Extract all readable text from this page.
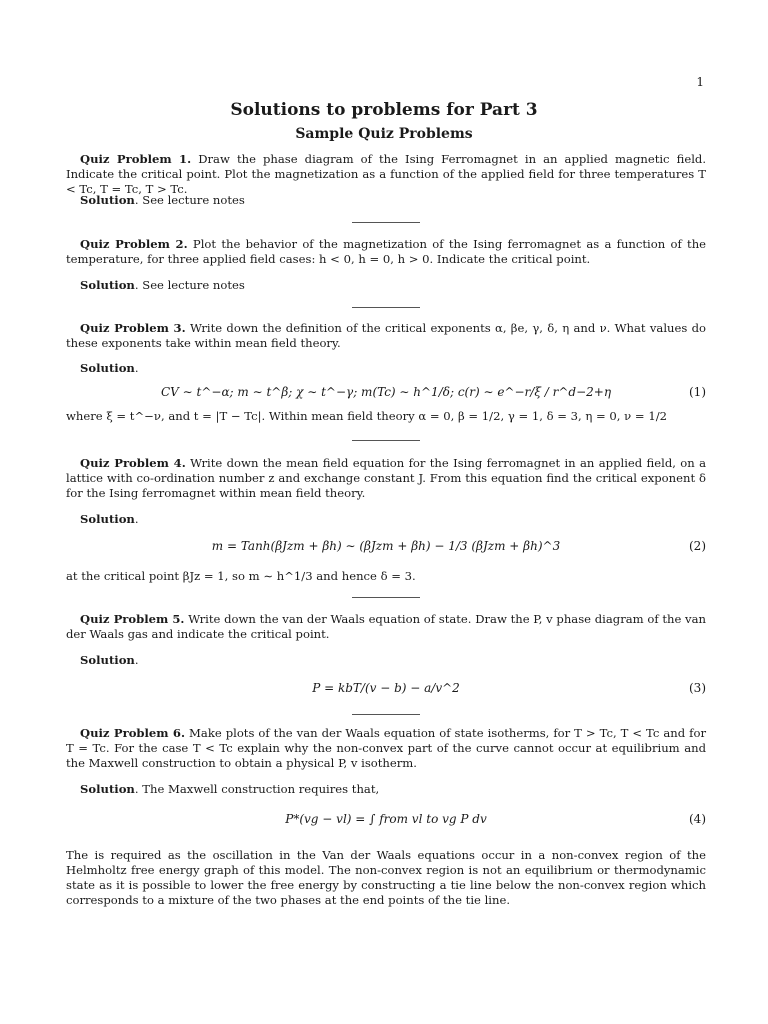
1
Solutions to problems for Part 3
Sample Quiz Problems
Quiz Problem 1. Draw the phase diagram of the Ising Ferromagnet in an applied magnetic field. Indicate the critical point. Plot the magnetization as a function of the applied field for three temperatures T < Tc, T = Tc, T > Tc.
Solution. See lecture notes
Quiz Problem 2. Plot the behavior of the magnetization of the Ising ferromagnet as a function of the temperature, for three applied field cases: h < 0, h = 0, h > 0. Indicate the critical point.
Solution. See lecture notes
Quiz Problem 3. Write down the definition of the critical exponents α, βe, γ, δ, η and ν. What values do these exponents take within mean field theory.
Solution.
CV ∼ t^−α; m ∼ t^β; χ ∼ t^−γ; m(Tc) ∼ h^1/δ; c(r) ∼ e^−r/ξ / r^d−2+η	(1)
where ξ = t^−ν, and t = |T − Tc|. Within mean field theory α = 0, β = 1/2, γ = 1, δ = 3, η = 0, ν = 1/2
Quiz Problem 4. Write down the mean field equation for the Ising ferromagnet in an applied field, on a lattice with co-ordination number z and exchange constant J. From this equation find the critical exponent δ for the Ising ferromagnet within mean field theory.
Solution.
m = Tanh(βJzm + βh) ∼ (βJzm + βh) − 1/3 (βJzm + βh)^3	(2)
at the critical point βJz = 1, so m ∼ h^1/3 and hence δ = 3.
Quiz Problem 5. Write down the van der Waals equation of state. Draw the P, v phase diagram of the van der Waals gas and indicate the critical point.
Solution.
P = kbT/(v − b) − a/v^2	(3)
Quiz Problem 6. Make plots of the van der Waals equation of state isotherms, for T > Tc, T < Tc and for T = Tc. For the case T < Tc explain why the non-convex part of the curve cannot occur at equilibrium and the Maxwell construction to obtain a physical P, v isotherm.
Solution. The Maxwell construction requires that,
P*(vg − vl) = ∫ from vl to vg P dv	(4)
The is required as the oscillation in the Van der Waals equations occur in a non-convex region of the Helmholtz free energy graph of this model. The non-convex region is not an equilibrium or thermodynamic state as it is possible to lower the free energy by constructing a tie line below the non-convex region which corresponds to a mixture of the two phases at the end points of the tie line.
